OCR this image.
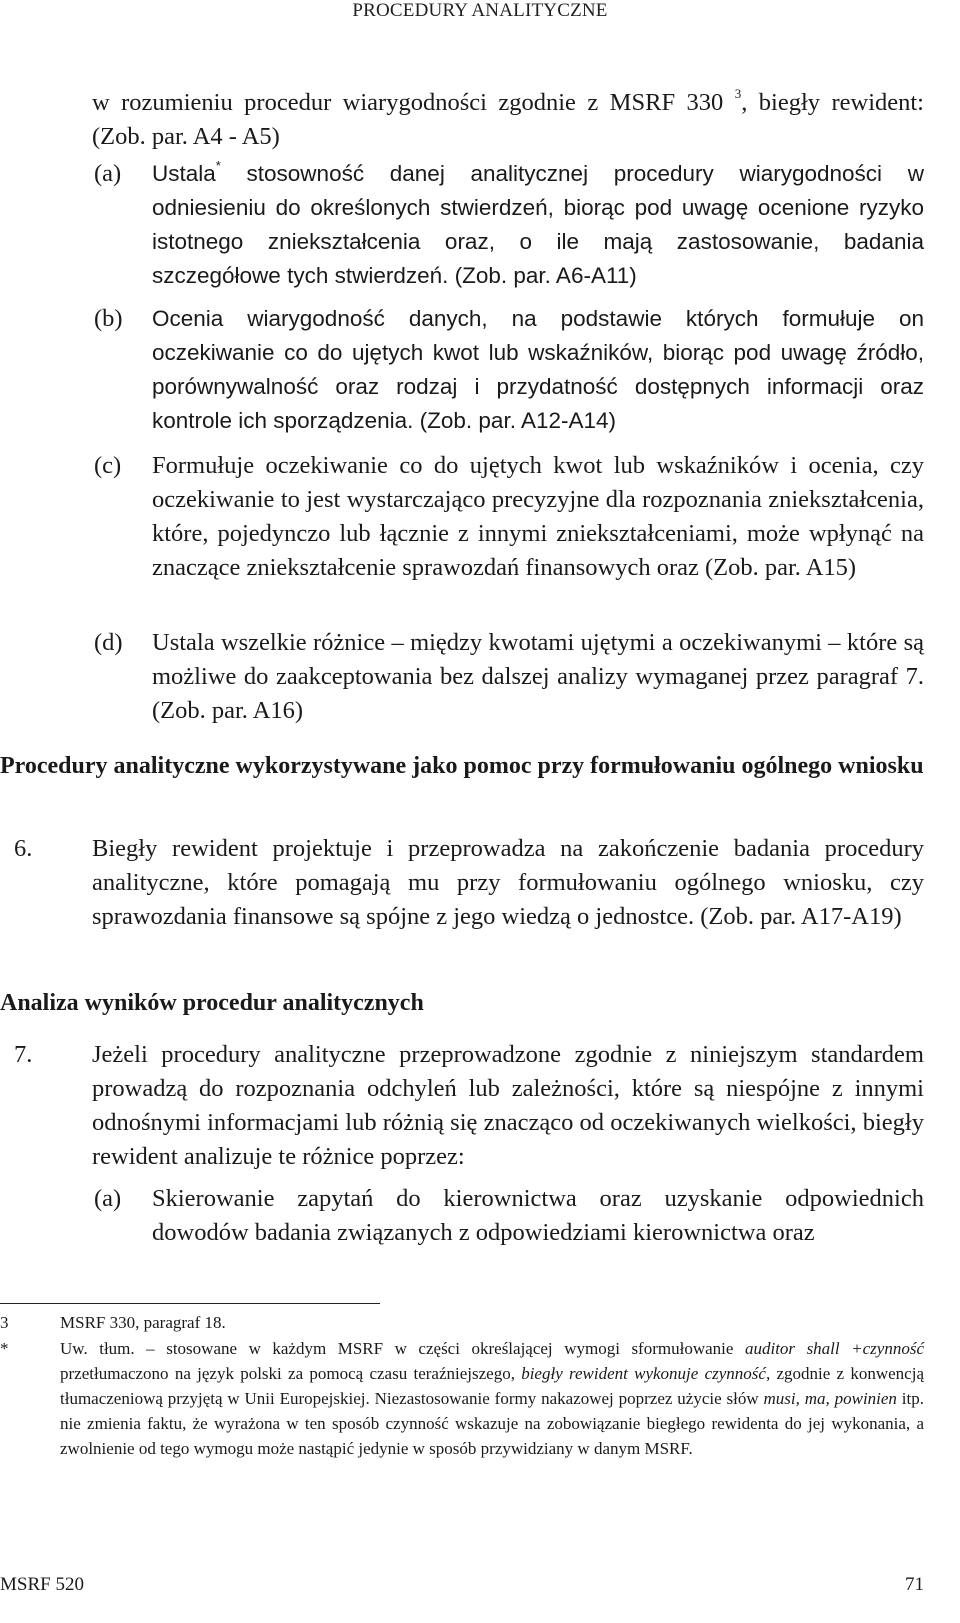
PROCEDURY ANALITYCZNE
w rozumieniu procedur wiarygodności zgodnie z MSRF 330 $^3$, biegły rewident: (Zob. par. A4 - A5)
(a)	Ustala* stosowność danej analitycznej procedury wiarygodności w odniesieniu do określonych stwierdzeń, biorąc pod uwagę ocenione ryzyko istotnego zniekształcenia oraz, o ile mają zastosowanie, badania szczegółowe tych stwierdzeń. (Zob. par. A6-A11)
(b)	Ocenia wiarygodność danych, na podstawie których formułuje on oczekiwanie co do ujętych kwot lub wskaźników, biorąc pod uwagę źródło, porównywalność oraz rodzaj i przydatność dostępnych informacji oraz kontrole ich sporządzenia. (Zob. par. A12-A14)
(c)	Formułuje oczekiwanie co do ujętych kwot lub wskaźników i ocenia, czy oczekiwanie to jest wystarczająco precyzyjne dla rozpoznania zniekształcenia, które, pojedynczo lub łącznie z innymi zniekształceniami, może wpłynąć na znaczące zniekształcenie sprawozdań finansowych oraz (Zob. par. A15)
(d)	Ustala wszelkie różnice – między kwotami ujętymi a oczekiwanymi – które są możliwe do zaakceptowania bez dalszej analizy wymaganej przez paragraf 7. (Zob. par. A16)
Procedury analityczne wykorzystywane jako pomoc przy formułowaniu ogólnego wniosku
6.	Biegły rewident projektuje i przeprowadza na zakończenie badania procedury analityczne, które pomagają mu przy formułowaniu ogólnego wniosku, czy sprawozdania finansowe są spójne z jego wiedzą o jednostce. (Zob. par. A17-A19)
Analiza wyników procedur analitycznych
7.	Jeżeli procedury analityczne przeprowadzone zgodnie z niniejszym standardem prowadzą do rozpoznania odchyleń lub zależności, które są niespójne z innymi odnośnymi informacjami lub różnią się znacząco od oczekiwanych wielkości, biegły rewident analizuje te różnice poprzez:
(a)	Skierowanie zapytań do kierownictwa oraz uzyskanie odpowiednich dowodów badania związanych z odpowiedziami kierownictwa oraz
3	MSRF 330, paragraf 18.
*	Uw. tłum. – stosowane w każdym MSRF w części określającej wymogi sformułowanie auditor shall +czynność przetłumaczono na język polski za pomocą czasu teraźniejszego, biegły rewident wykonuje czynność, zgodnie z konwencją tłumaczeniową przyjętą w Unii Europejskiej. Niezastosowanie formy nakazowej poprzez użycie słów musi, ma, powinien itp. nie zmienia faktu, że wyrażona w ten sposób czynność wskazuje na zobowiązanie biegłego rewidenta do jej wykonania, a zwolnienie od tego wymogu może nastąpić jedynie w sposób przywidziany w danym MSRF.
MSRF 520	71
